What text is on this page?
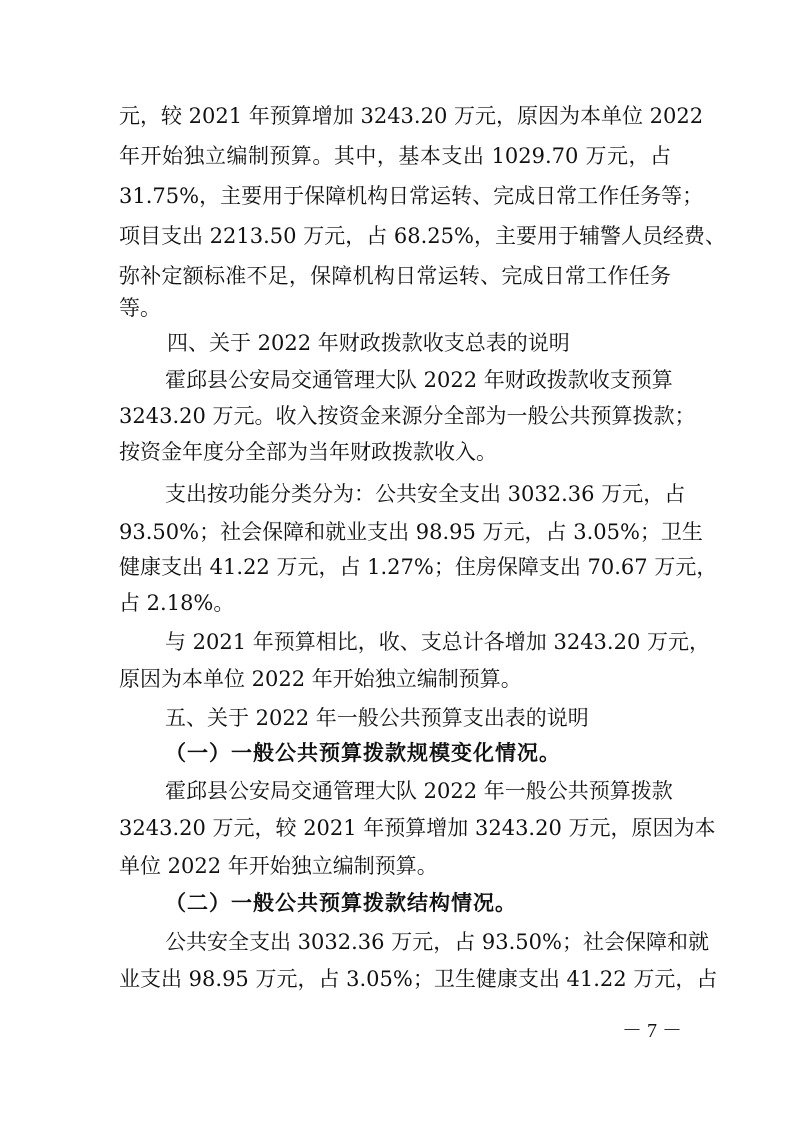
元，较 2021 年预算增加 3243.20 万元，原因为本单位 2022

年开始独立编制预算。其中，基本支出 1029.70 万元，占

31.75%，主要用于保障机构日常运转、完成日常工作任务等；

项目支出 2213.50 万元，占 68.25%，主要用于辅警人员经费、

弥补定额标准不足，保障机构日常运转、完成日常工作任务

等。

四、关于 2022 年财政拨款收支总表的说明

霍邱县公安局交通管理大队 2022 年财政拨款收支预算

3243.20 万元。收入按资金来源分全部为一般公共预算拨款；

按资金年度分全部为当年财政拨款收入。

支出按功能分类分为：公共安全支出 3032.36 万元，占

93.50%；社会保障和就业支出 98.95 万元，占 3.05%；卫生

健康支出 41.22 万元，占 1.27%；住房保障支出 70.67 万元，

占 2.18%。

与 2021 年预算相比，收、支总计各增加 3243.20 万元，

原因为本单位 2022 年开始独立编制预算。

五、关于 2022 年一般公共预算支出表的说明

（一）一般公共预算拨款规模变化情况。

霍邱县公安局交通管理大队 2022 年一般公共预算拨款

3243.20 万元，较 2021 年预算增加 3243.20 万元，原因为本

单位 2022 年开始独立编制预算。

（二）一般公共预算拨款结构情况。

公共安全支出 3032.36 万元，占 93.50%；社会保障和就

业支出 98.95 万元，占 3.05%；卫生健康支出 41.22 万元，占

－ 7 －
